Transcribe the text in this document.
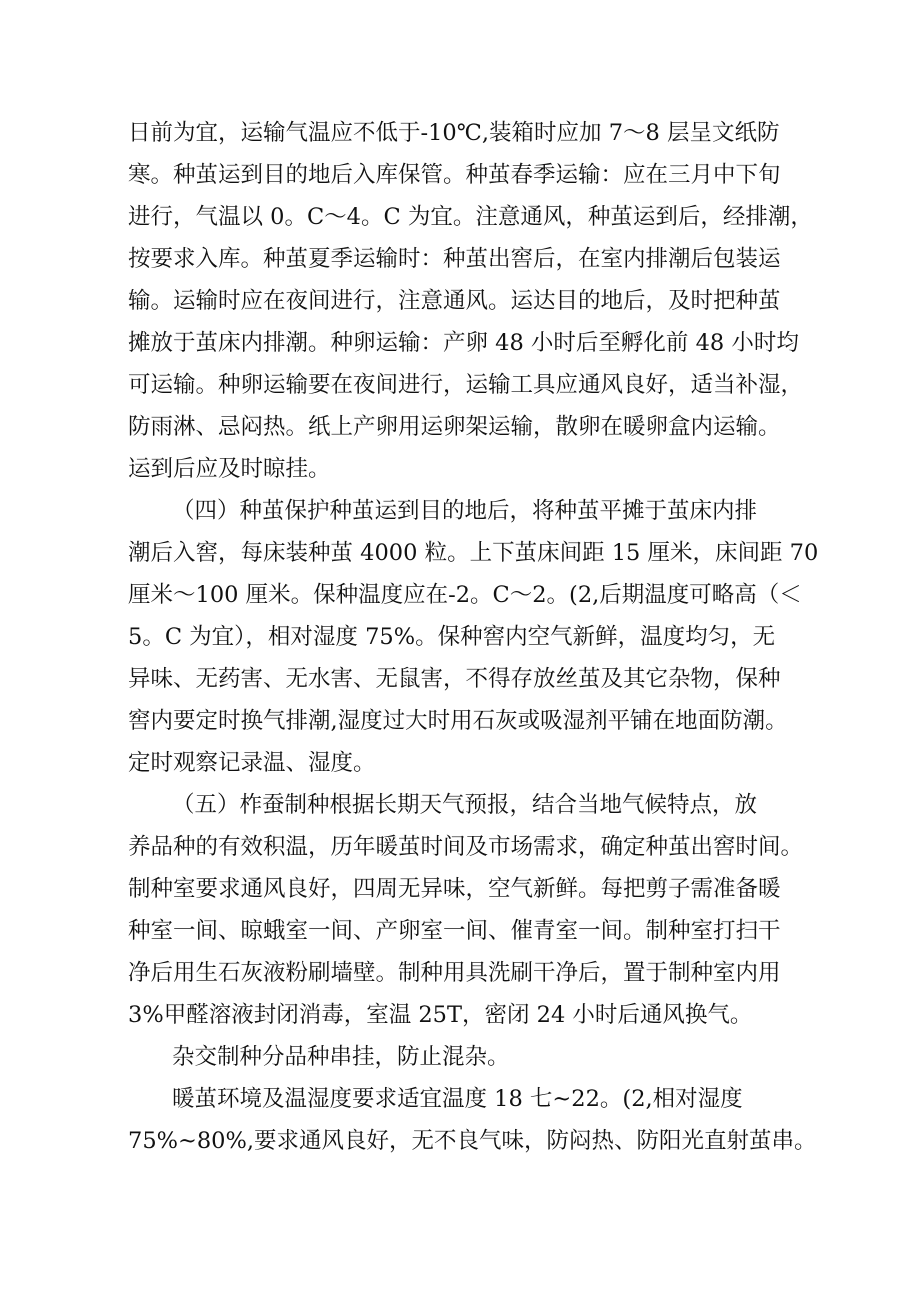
日前为宜，运输气温应不低于-10℃,装箱时应加 7～8 层呈文纸防

寒。种茧运到目的地后入库保管。种茧春季运输：应在三月中下旬

进行，气温以 0。C～4。C 为宜。注意通风，种茧运到后，经排潮，

按要求入库。种茧夏季运输时：种茧出窖后，在室内排潮后包装运

输。运输时应在夜间进行，注意通风。运达目的地后，及时把种茧

摊放于茧床内排潮。种卵运输：产卵 48 小时后至孵化前 48 小时均

可运输。种卵运输要在夜间进行，运输工具应通风良好，适当补湿，

防雨淋、忌闷热。纸上产卵用运卵架运输，散卵在暖卵盒内运输。

运到后应及时晾挂。

（四）种茧保护种茧运到目的地后，将种茧平摊于茧床内排

潮后入窖，每床装种茧 4000 粒。上下茧床间距 15 厘米，床间距 70

厘米～100 厘米。保种温度应在-2。C～2。(2,后期温度可略高（＜

5。C 为宜），相对湿度 75%。保种窖内空气新鲜，温度均匀，无

异味、无药害、无水害、无鼠害，不得存放丝茧及其它杂物，保种

窖内要定时换气排潮,湿度过大时用石灰或吸湿剂平铺在地面防潮。

定时观察记录温、湿度。

（五）柞蚕制种根据长期天气预报，结合当地气候特点，放

养品种的有效积温，历年暖茧时间及市场需求，确定种茧出窖时间。

制种室要求通风良好，四周无异味，空气新鲜。每把剪子需准备暖

种室一间、晾蛾室一间、产卵室一间、催青室一间。制种室打扫干

净后用生石灰液粉刷墙壁。制种用具洗刷干净后，置于制种室内用

3%甲醛溶液封闭消毒，室温 25T，密闭 24 小时后通风换气。

杂交制种分品种串挂，防止混杂。

暖茧环境及温湿度要求适宜温度 18 七~22。(2,相对湿度

75%~80%,要求通风良好，无不良气味，防闷热、防阳光直射茧串。
